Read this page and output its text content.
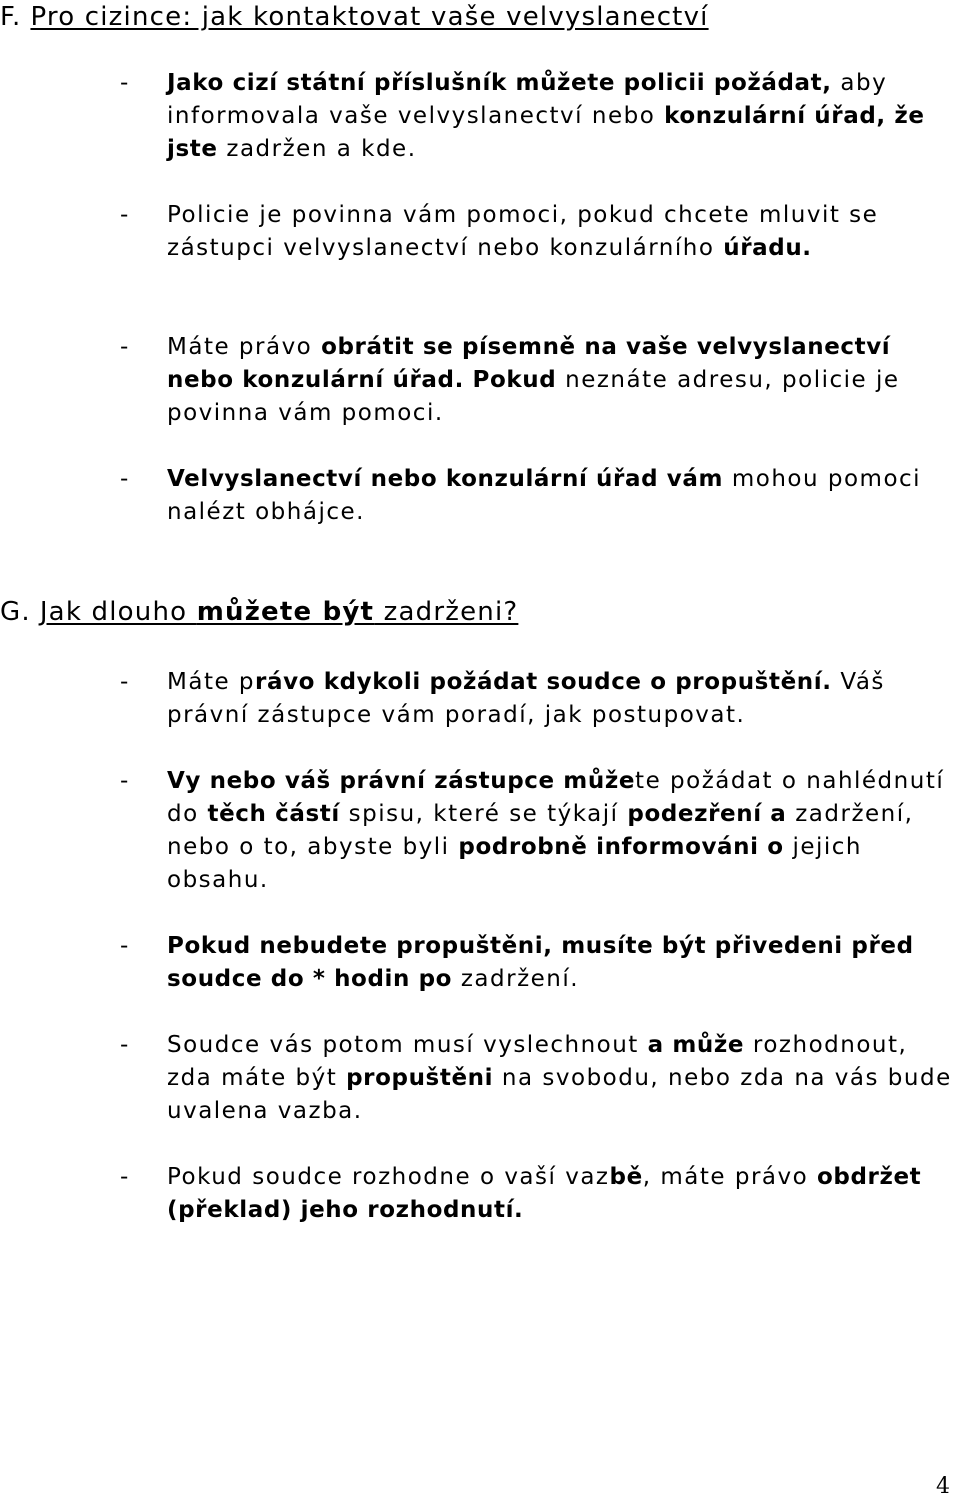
F. Pro cizince: jak kontaktovat vaše velvyslanectví
- Jako cizí státní příslušník můžete policii požádat, aby informovala vaše velvyslanectví nebo konzulární úřad, že jste zadržen a kde.
- Policie je povinna vám pomoci, pokud chcete mluvit se zástupci velvyslanectví nebo konzulárního úřadu.
- Máte právo obrátit se písemně na vaše velvyslanectví nebo konzulární úřad. Pokud neznáte adresu, policie je povinna vám pomoci.
- Velvyslanectví nebo konzulární úřad vám mohou pomoci nalézt obhájce.
G. Jak dlouho můžete být zadrženi?
- Máte právo kdykoli požádat soudce o propuštění. Váš právní zástupce vám poradí, jak postupovat.
- Vy nebo váš právní zástupce můžete požádat o nahlédnutí do těch částí spisu, které se týkají podezření a zadržení, nebo o to, abyste byli podrobně informováni o jejich obsahu.
- Pokud nebudete propuštěni, musíte být přivedeni před soudce do * hodin po zadržení.
- Soudce vás potom musí vyslechnout a může rozhodnout, zda máte být propuštěni na svobodu, nebo zda na vás bude uvalena vazba.
- Pokud soudce rozhodne o vaší vazbě, máte právo obdržet (překlad) jeho rozhodnutí.
4
